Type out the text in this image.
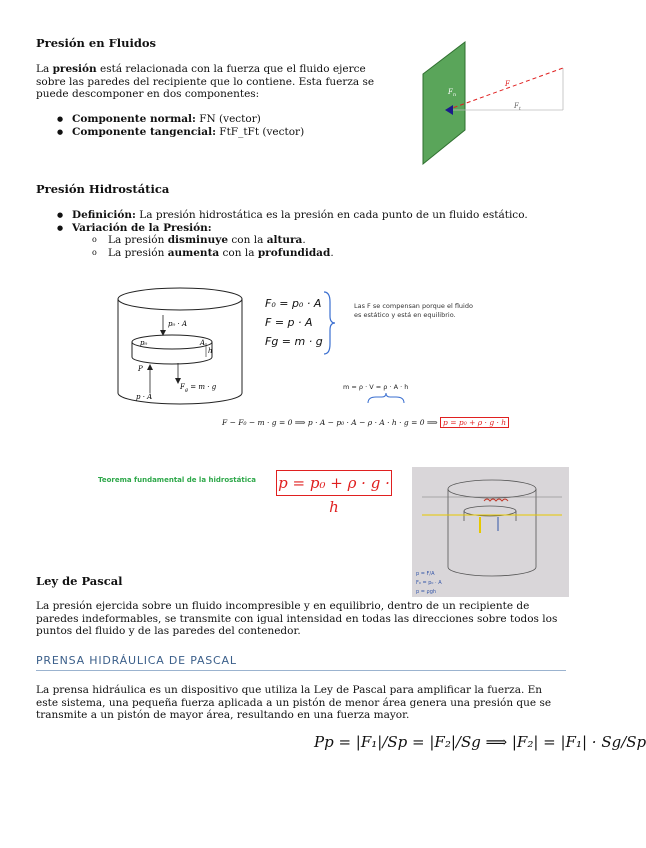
Presión en Fluidos
La presión está relacionada con la fuerza que el fluido ejerce sobre las paredes del recipiente que lo contiene. Esta fuerza se puede descomponer en dos componentes:
● Componente normal: FN (vector)
● Componente tangencial: FtF_tFt (vector)
$F_n$
F
$F_t$
Presión Hidrostática
● Definición: La presión hidrostática es la presión en cada punto de un fluido estático.
● Variación de la Presión:
o La presión disminuye con la altura.
o La presión aumenta con la profundidad.
p₀ · A
p₀	A
h
P
$F_g = m \cdot g$
p · A
F₀ = p₀ · A
F = p · A
Fg = m · g
Las F se compensan porque el fluido es estático y está en equilibrio.
m = ρ · V = ρ · A · h
F − F₀ − m · g = 0 ⟹ p · A − p₀ · A − ρ · A · h · g = 0 ⟹ p = p₀ + ρ · g · h
Teorema fundamental de la hidrostática p = p₀ + ρ · g · h
p = F/A
F₀ = p₀ · A
p = ρgh
Ley de Pascal
La presión ejercida sobre un fluido incompresible y en equilibrio, dentro de un recipiente de paredes indeformables, se transmite con igual intensidad en todas las direcciones sobre todos los puntos del fluido y de las paredes del contenedor.
PRENSA HIDRÁULICA DE PASCAL
La prensa hidráulica es un dispositivo que utiliza la Ley de Pascal para amplificar la fuerza. En este sistema, una pequeña fuerza aplicada a un pistón de menor área genera una presión que se transmite a un pistón de mayor área, resultando en una fuerza mayor.
Pp = |F₁|/Sp = |F₂|/Sg ⟹ |F₂| = |F₁| · Sg/Sp
